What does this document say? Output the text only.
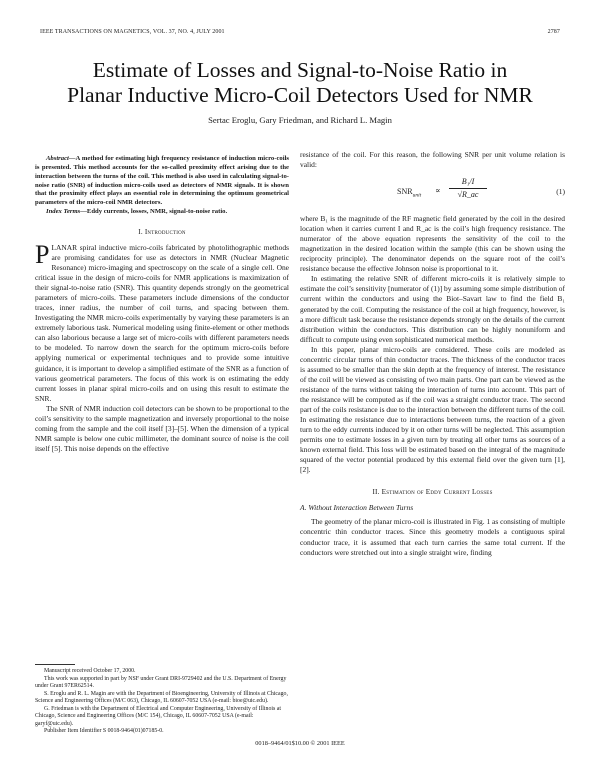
IEEE TRANSACTIONS ON MAGNETICS, VOL. 37, NO. 4, JULY 2001	2787
Estimate of Losses and Signal-to-Noise Ratio in
Planar Inductive Micro-Coil Detectors Used for NMR
Sertac Eroglu, Gary Friedman, and Richard L. Magin

Abstract—A method for estimating high frequency resistance of induction micro-coils is presented. This method accounts for the so-called proximity effect arising due to the interaction between the turns of the coil. This method is also used in calculating signal-to-noise ratio (SNR) of induction micro-coils used as detectors of NMR signals. It is shown that the proximity effect plays an essential role in determining the optimum geometrical parameters of the micro-coil NMR detectors.

Index Terms—Eddy currents, losses, NMR, signal-to-noise ratio.

I. Introduction

PLANAR spiral inductive micro-coils fabricated by photolithographic methods are promising candidates for use as detectors in NMR (Nuclear Magnetic Resonance) micro-imaging and spectroscopy on the scale of a single cell. One critical issue in the design of micro-coils for NMR applications is maximization of their signal-to-noise ratio (SNR). This quantity depends strongly on the geometrical parameters of micro-coils. These parameters include dimensions of the conductor traces, inner radius, the number of coil turns, and spacing between them. Investigating the NMR micro-coils experimentally by varying these parameters is an extremely laborious task. Numerical modeling using finite-element or other methods can also laborious because a large set of micro-coils with different parameters needs to be modeled. To narrow down the search for the optimum micro-coils before applying numerical or experimental techniques and to provide some intuitive guidance, it is important to develop a simplified estimate of the SNR as a function of various geometrical parameters. The focus of this work is on estimating the eddy current losses in planar spiral micro-coils and on using this result to estimate the SNR.

The SNR of NMR induction coil detectors can be shown to be proportional to the coil’s sensitivity to the sample magnetization and inversely proportional to the noise coming from the sample and the coil itself [3]–[5]. When the dimension of a typical NMR sample is below one cubic millimeter, the dominant source of noise is the coil itself [5]. This noise depends on the effective

resistance of the coil. For this reason, the following SNR per unit volume relation is valid:

$SNR_{unit}$
∝ $\frac{\text{B₁/I}}{√R\_ac}$	(1)

where B₁ is the magnitude of the RF magnetic field generated by the coil in the desired location when it carries current I and R_ac is the coil’s high frequency resistance. The numerator of the above equation represents the sensitivity of the coil to the magnetization in the desired location within the sample (this can be shown using the reciprocity principle). The denominator depends on the square root of the coil’s resistance because the effective Johnson noise is proportional to it.

In estimating the relative SNR of different micro-coils it is relatively simple to estimate the coil’s sensitivity [numerator of (1)] by assuming some simple distribution of current within the conductors and using the Biot–Savart law to find the field B₁ generated by the coil. Computing the resistance of the coil at high frequency, however, is a more difficult task because the resistance depends strongly on the details of the current distribution within the conductors. This distribution can be highly nonuniform and difficult to compute using even sophisticated numerical methods.

In this paper, planar micro-coils are considered. These coils are modeled as concentric circular turns of thin conductor traces. The thickness of the conductor traces is assumed to be smaller than the skin depth at the frequency of interest. The resistance of the coil will be viewed as consisting of two main parts. One part can be viewed as the resistance of the turns without taking the interaction of turns into account. This part of the resistance will be computed as if the coil was a straight conductor trace. The second part of the coils resistance is due to the interaction between the different turns of the coil. In estimating the resistance due to interactions between turns, the reaction of a given turn to the eddy currents induced by it on other turns will be neglected. This assumption permits one to estimate losses in a given turn by treating all other turns as sources of a known external field. This loss will be estimated based on the integral of the magnitude squared of the vector potential produced by this external field over the given turn [1], [2].

II. Estimation of Eddy Current Losses
A. Without Interaction Between Turns

The geometry of the planar micro-coil is illustrated in Fig. 1 as consisting of multiple concentric thin conductor traces. Since this geometry models a contiguous spiral conductor trace, it is assumed that each turn carries the same total current. If the conductors were stretched out into a single straight wire, finding

Manuscript received October 17, 2000.

This work was supported in part by NSF under Grant DRI-9729402 and the U.S. Department of Energy under Grant 97ER62514.

S. Eroglu and R. L. Magin are with the Department of Bioengineering, University of Illinois at Chicago, Science and Engineering Offices (M/C 063), Chicago, IL 60607-7052 USA (e-mail: bioe@uic.edu).

G. Friedman is with the Department of Electrical and Computer Engineering, University of Illinois at Chicago, Science and Engineering Offices (M/C 154), Chicago, IL 60607-7052 USA (e-mail: garyf@uic.edu).

Publisher Item Identifier S 0018-9464(01)07185-0.

0018–9464/01$10.00 © 2001 IEEE
